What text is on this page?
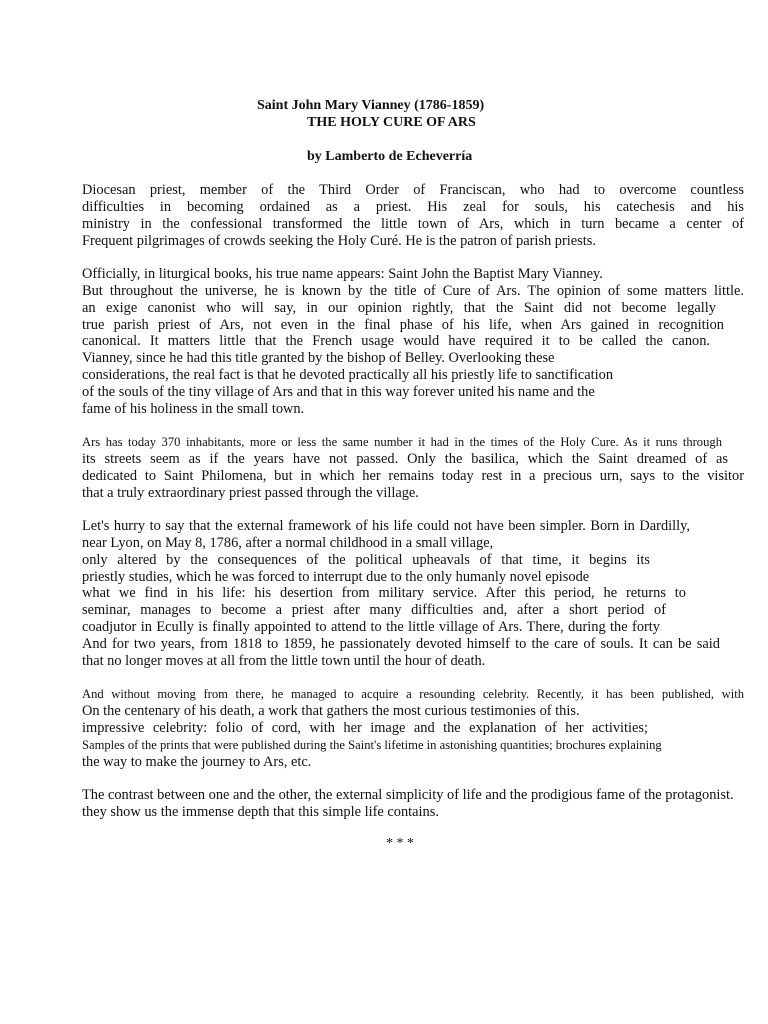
Saint John Mary Vianney (1786-1859)
THE HOLY CURE OF ARS
by Lamberto de Echeverría
Diocesan priest, member of the Third Order of Franciscan, who had to overcome countless
difficulties in becoming ordained as a priest. His zeal for souls, his catechesis and his
ministry in the confessional transformed the little town of Ars, which in turn became a center of
Frequent pilgrimages of crowds seeking the Holy Curé. He is the patron of parish priests.
Officially, in liturgical books, his true name appears: Saint John the Baptist Mary Vianney.
But throughout the universe, he is known by the title of Cure of Ars. The opinion of some matters little.
an exige canonist who will say, in our opinion rightly, that the Saint did not become legally
true parish priest of Ars, not even in the final phase of his life, when Ars gained in recognition
canonical. It matters little that the French usage would have required it to be called the canon.
Vianney, since he had this title granted by the bishop of Belley. Overlooking these
considerations, the real fact is that he devoted practically all his priestly life to sanctification
of the souls of the tiny village of Ars and that in this way forever united his name and the
fame of his holiness in the small town.
Ars has today 370 inhabitants, more or less the same number it had in the times of the Holy Cure. As it runs through
its streets seem as if the years have not passed. Only the basilica, which the Saint dreamed of as
dedicated to Saint Philomena, but in which her remains today rest in a precious urn, says to the visitor
that a truly extraordinary priest passed through the village.
Let's hurry to say that the external framework of his life could not have been simpler. Born in Dardilly,
near Lyon, on May 8, 1786, after a normal childhood in a small village,
only altered by the consequences of the political upheavals of that time, it begins its
priestly studies, which he was forced to interrupt due to the only humanly novel episode
what we find in his life: his desertion from military service. After this period, he returns to
seminar, manages to become a priest after many difficulties and, after a short period of
coadjutor in Ecully is finally appointed to attend to the little village of Ars. There, during the forty
And for two years, from 1818 to 1859, he passionately devoted himself to the care of souls. It can be said
that no longer moves at all from the little town until the hour of death.
And without moving from there, he managed to acquire a resounding celebrity. Recently, it has been published, with
On the centenary of his death, a work that gathers the most curious testimonies of this.
impressive celebrity: folio of cord, with her image and the explanation of her activities;
Samples of the prints that were published during the Saint's lifetime in astonishing quantities; brochures explaining
the way to make the journey to Ars, etc.
The contrast between one and the other, the external simplicity of life and the prodigious fame of the protagonist.
they show us the immense depth that this simple life contains.
* * *
